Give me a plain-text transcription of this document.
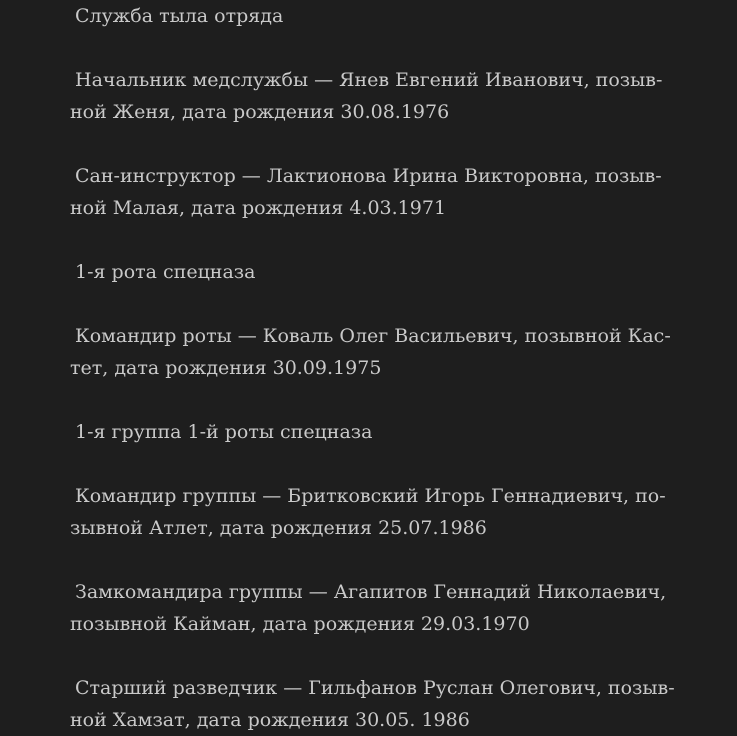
Служба тыла отряда

Начальник медслужбы — Янев Евгений Иванович, позыв-
ной Женя, дата рождения 30.08.1976

Сан-инструктор — Лактионова Ирина Викторовна, позыв-
ной Малая, дата рождения 4.03.1971

1-я рота спецназа

Командир роты — Коваль Олег Васильевич, позывной Кас-
тет, дата рождения 30.09.1975

1-я группа 1-й роты спецназа

Командир группы — Бритковский Игорь Геннадиевич, по-
зывной Атлет, дата рождения 25.07.1986

Замкомандира группы — Агапитов Геннадий Николаевич,
позывной Кайман, дата рождения 29.03.1970

Старший разведчик — Гильфанов Руслан Олегович, позыв-
ной Хамзат, дата рождения 30.05. 1986
